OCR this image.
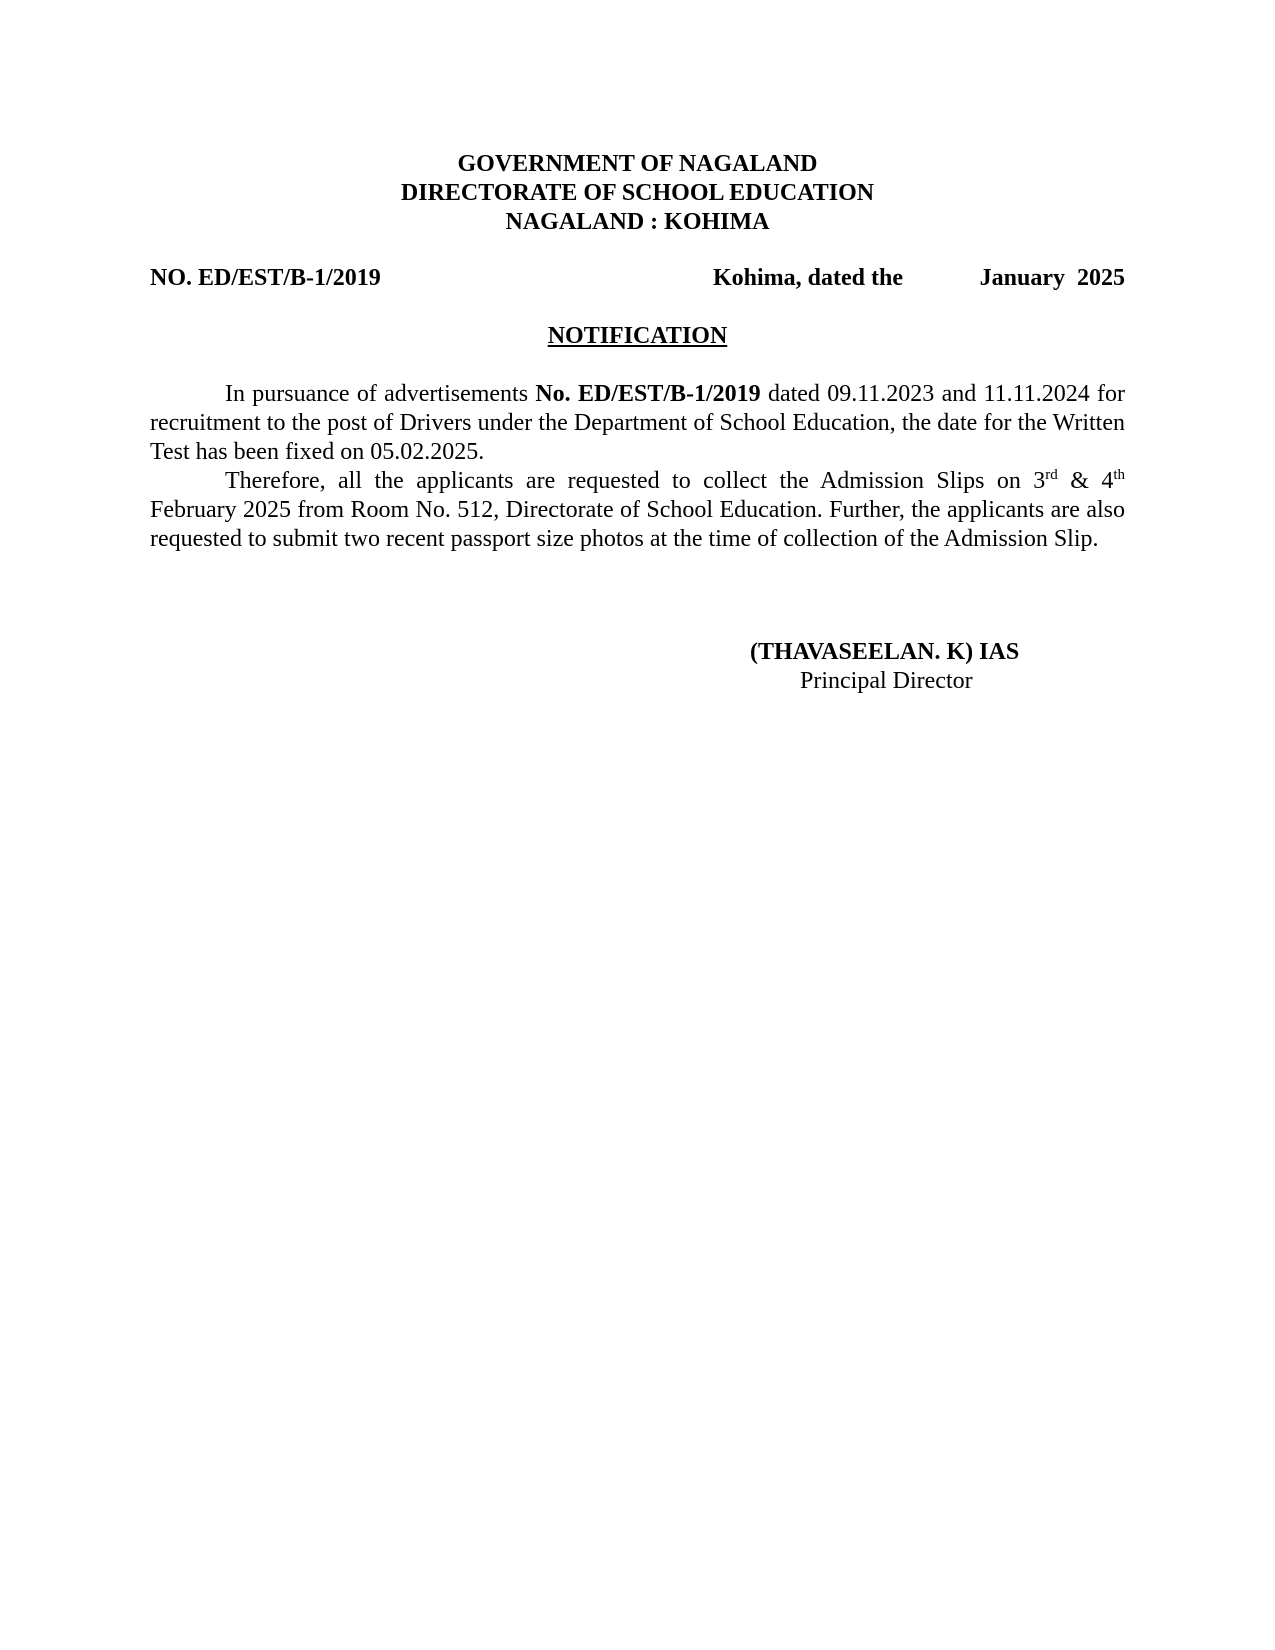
GOVERNMENT OF NAGALAND
DIRECTORATE OF SCHOOL EDUCATION
NAGALAND : KOHIMA
NO. ED/EST/B-1/2019	Kohima, dated the	January  2025
NOTIFICATION

In pursuance of advertisements No. ED/EST/B-1/2019 dated 09.11.2023 and 11.11.2024 for recruitment to the post of Drivers under the Department of School Education, the date for the Written Test has been fixed on 05.02.2025.

Therefore, all the applicants are requested to collect the Admission Slips on 3rd & 4th February 2025 from Room No. 512, Directorate of School Education. Further, the applicants are also requested to submit two recent passport size photos at the time of collection of the Admission Slip.

(THAVASEELAN. K) IAS
Principal Director
